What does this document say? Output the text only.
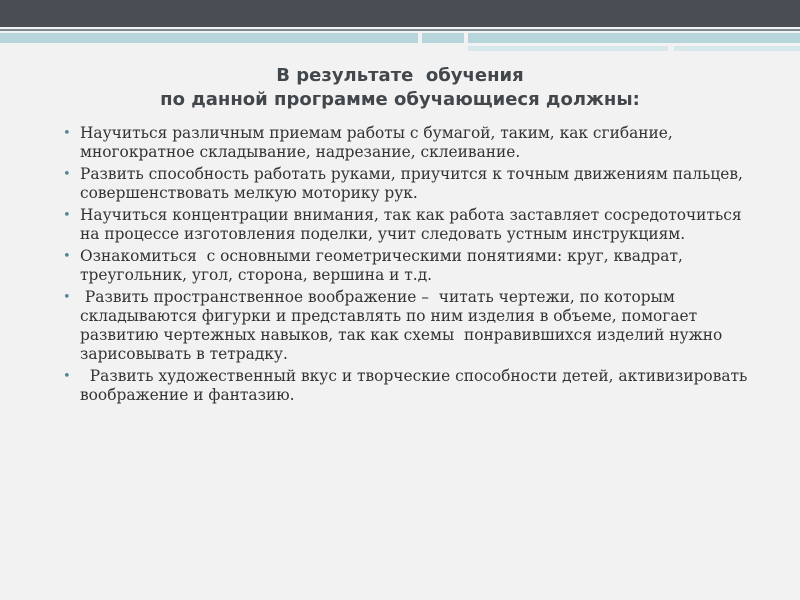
В результате  обучения
по данной программе обучающиеся должны:
• Научиться различным приемам работы с бумагой, таким, как сгибание, многократное складывание, надрезание, склеивание.
• Развить способность работать руками, приучится к точным движениям пальцев, совершенствовать мелкую моторику рук.
• Научиться концентрации внимания, так как работа заставляет сосредоточиться на процессе изготовления поделки, учит следовать устным инструкциям.
• Ознакомиться  с основными геометрическими понятиями: круг, квадрат, треугольник, угол, сторона, вершина и т.д.
• Развить пространственное воображение –  читать чертежи, по которым складываются фигурки и представлять по ним изделия в объеме, помогает развитию чертежных навыков, так как схемы  понравившихся изделий нужно зарисовывать в тетрадку.
• Развить художественный вкус и творческие способности детей, активизировать воображение и фантазию.
